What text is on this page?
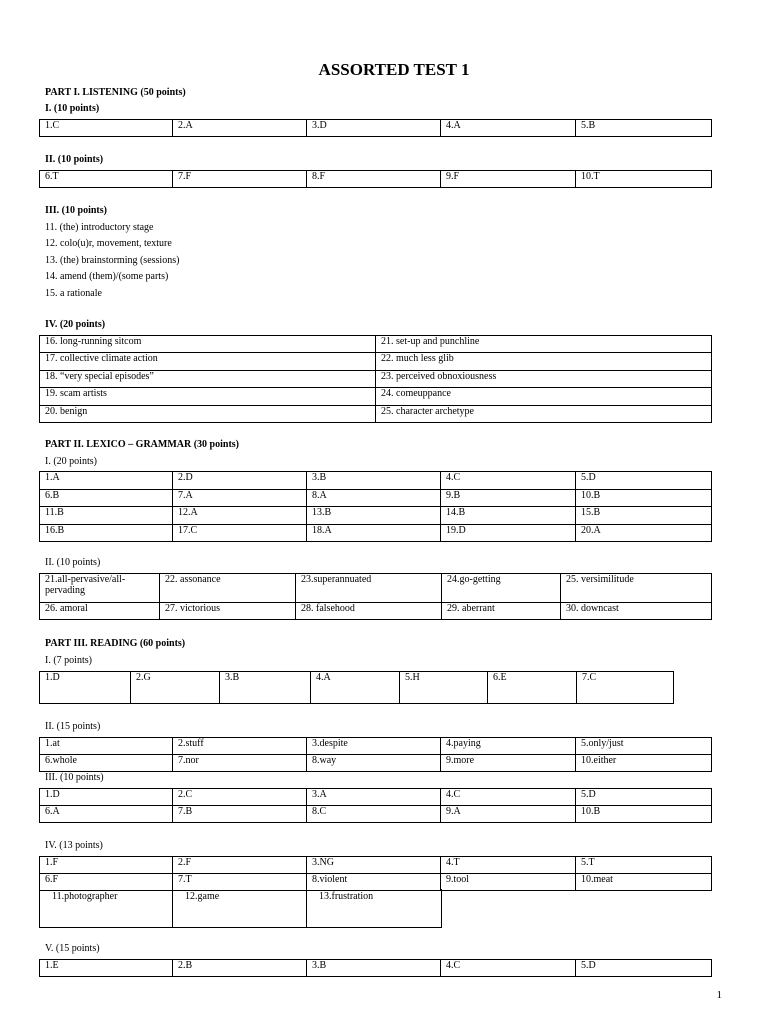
ASSORTED TEST 1
PART I. LISTENING (50 points)
I. (10 points)
1.C	2.A	3.D	4.A	5.B
II. (10 points)
6.T	7.F	8.F	9.F	10.T
III. (10 points)
11. (the) introductory stage
12. colo(u)r, movement, texture
13. (the) brainstorming (sessions)
14. amend (them)/(some parts)
15. a rationale
IV. (20 points)
16. long-running sitcom	21. set-up and punchline
17. collective climate action	22. much less glib
18. “very special episodes”	23. perceived obnoxiousness
19. scam artists	24. comeuppance
20. benign	25. character archetype
PART II. LEXICO – GRAMMAR (30 points)
I. (20 points)
1.A	2.D	3.B	4.C	5.D
6.B	7.A	8.A	9.B	10.B
11.B	12.A	13.B	14.B	15.B
16.B	17.C	18.A	19.D	20.A
II. (10 points)
21.all-pervasive/all-pervading	22. assonance	23.superannuated	24.go-getting	25. versimilitude
26. amoral	27. victorious	28. falsehood	29. aberrant	30. downcast
PART III. READING (60 points)
I. (7 points)
1.D	2.G	3.B	4.A	5.H	6.E	7.C
II. (15 points)
1.at	2.stuff	3.despite	4.paying	5.only/just
6.whole	7.nor	8.way	9.more	10.either
III. (10 points)
1.D	2.C	3.A	4.C	5.D
6.A	7.B	8.C	9.A	10.B
IV. (13 points)
1.F	2.F	3.NG	4.T	5.T
6.F	7.T	8.violent	9.tool	10.meat
11.photographer	12.game	13.frustration
V. (15 points)
1.E	2.B	3.B	4.C	5.D
1
